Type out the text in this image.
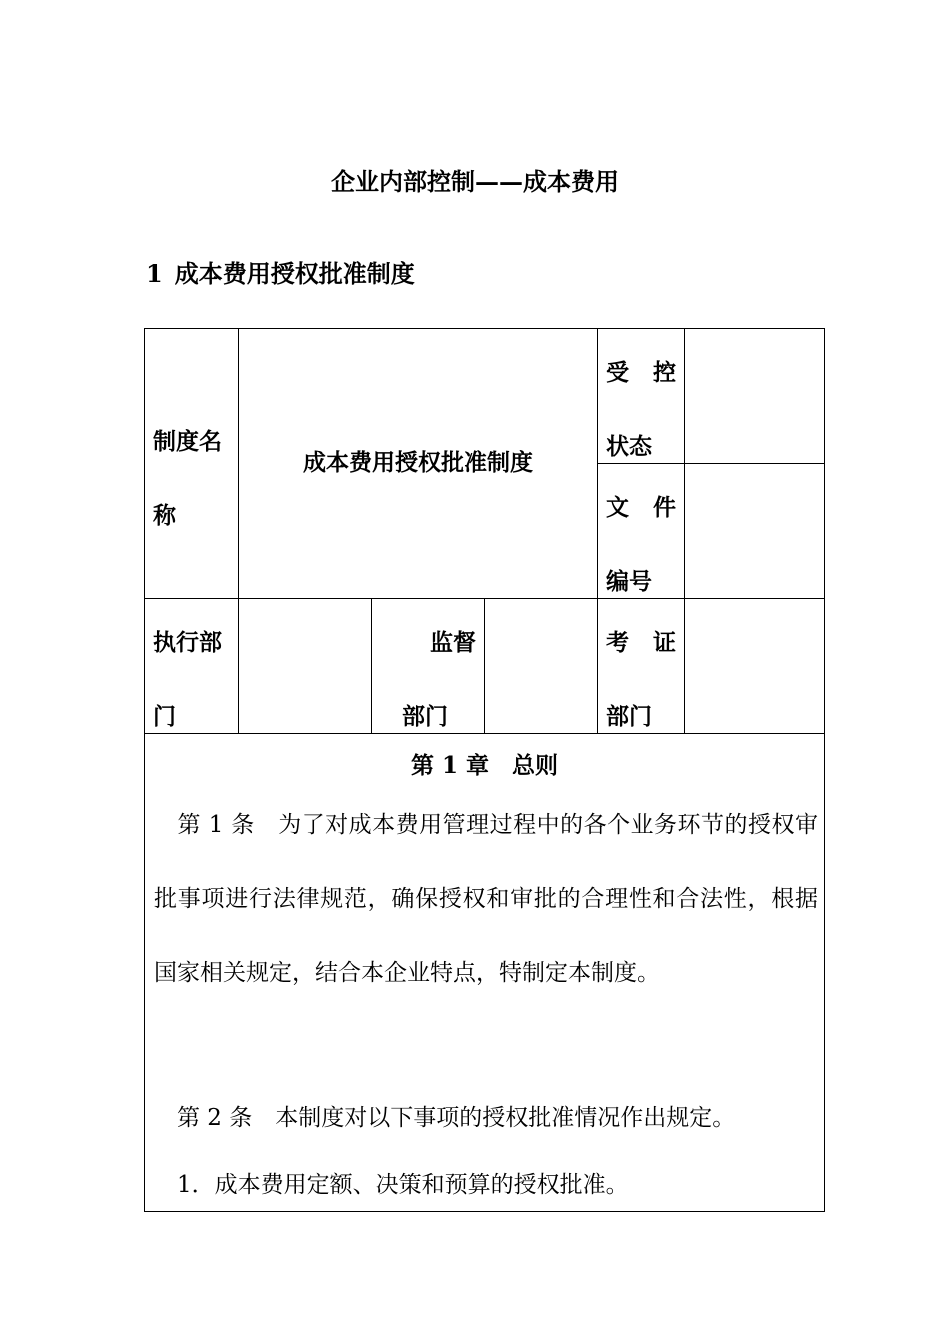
企业内部控制——成本费用
1 成本费用授权批准制度
制度名
称
成本费用授权批准制度
受 控
状态
文 件
编号
执行部
门
监督
部门
考 证
部门
第 1 章　总则
　第 1 条　为了对成本费用管理过程中的各个业务环节的授权审批事项进行法律规范，确保授权和审批的合理性和合法性，根据国家相关规定，结合本企业特点，特制定本制度。
　第 2 条　本制度对以下事项的授权批准情况作出规定。
　1．成本费用定额、决策和预算的授权批准。
